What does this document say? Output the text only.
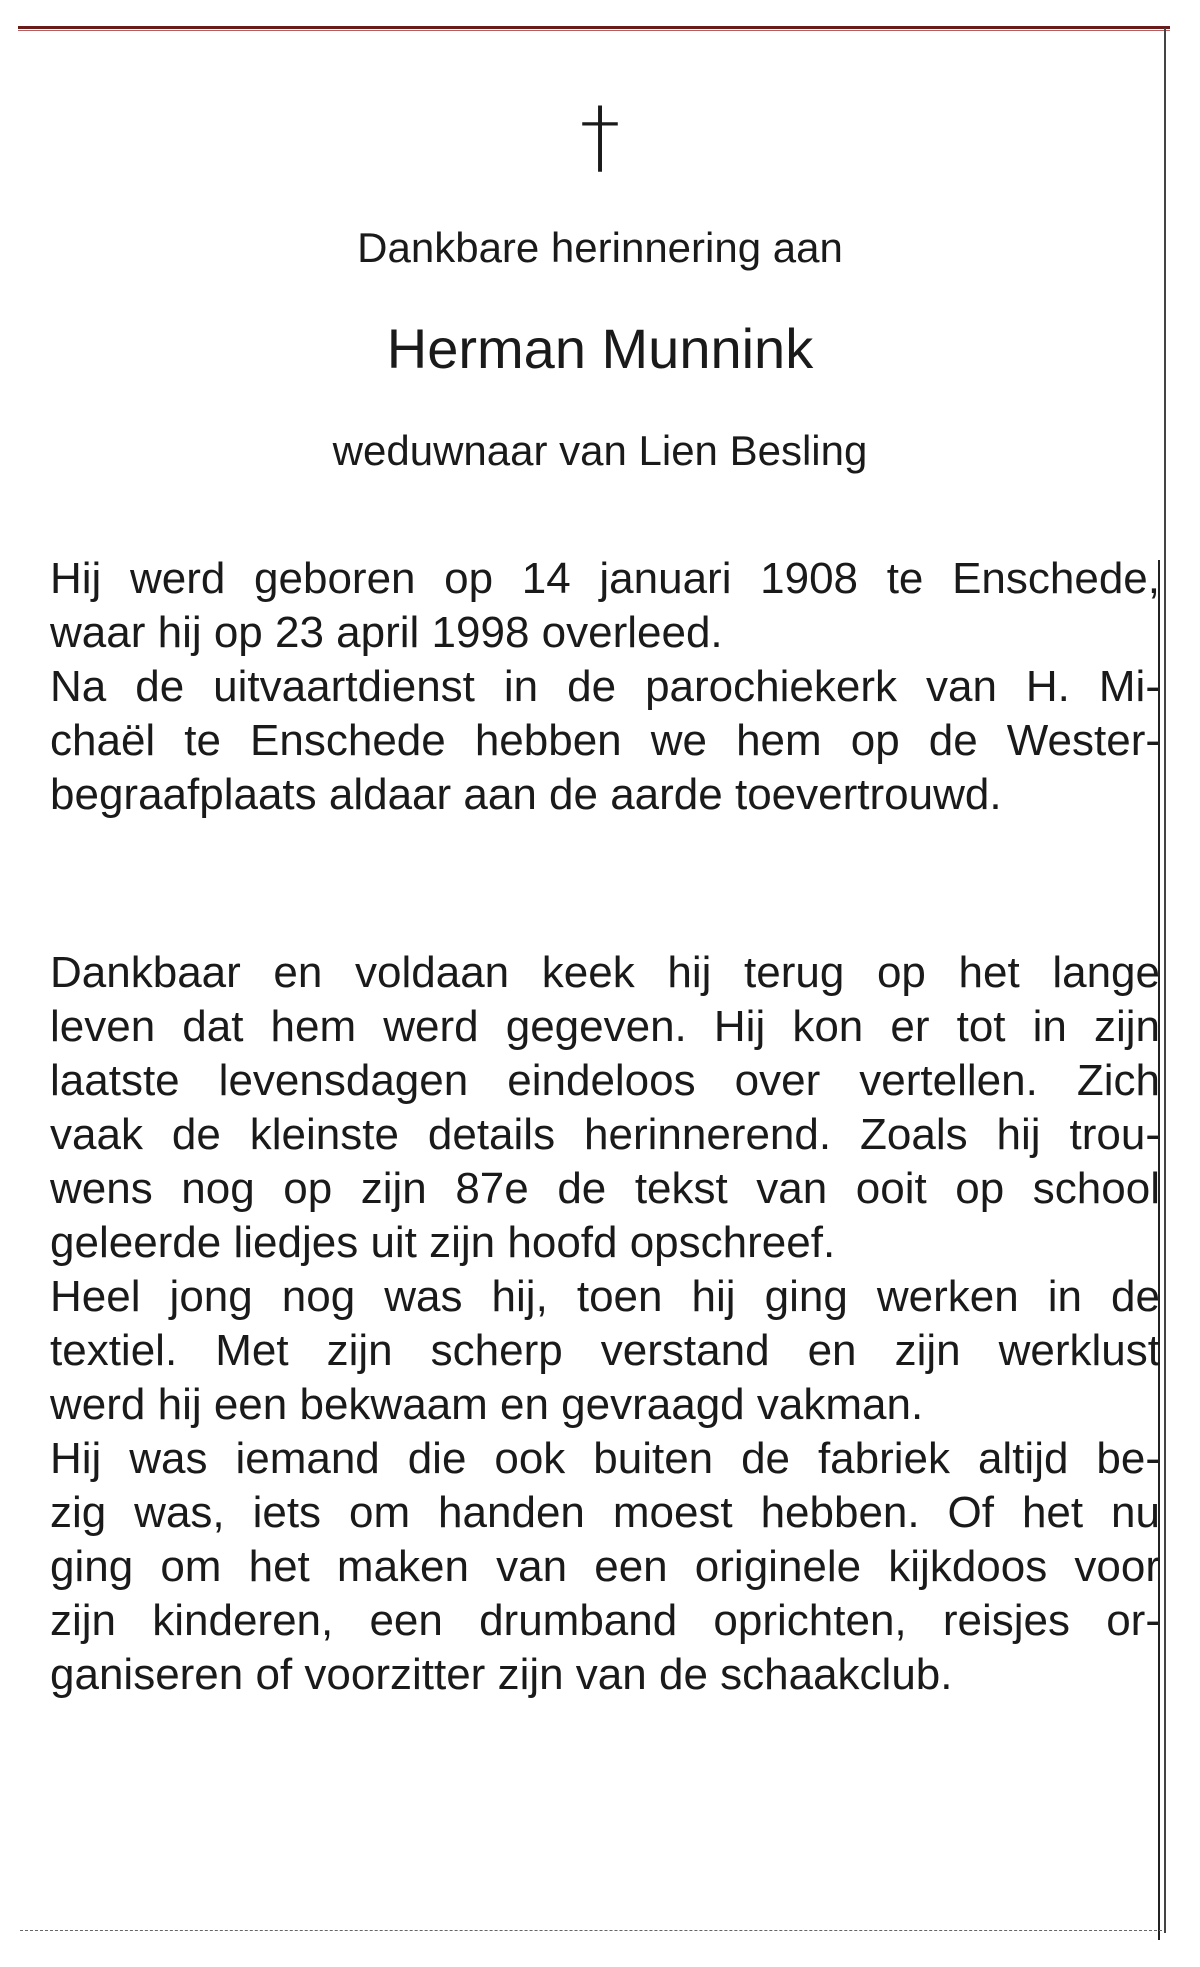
†
Dankbare herinnering aan
Herman Munnink
weduwnaar van Lien Besling
Hij werd geboren op 14 januari 1908 te Enschede,
waar hij op 23 april 1998 overleed.
Na de uitvaartdienst in de parochiekerk van H. Mi-
chaël te Enschede hebben we hem op de Wester-
begraafplaats aldaar aan de aarde toevertrouwd.
Dankbaar en voldaan keek hij terug op het lange
leven dat hem werd gegeven. Hij kon er tot in zijn
laatste levensdagen eindeloos over vertellen. Zich
vaak de kleinste details herinnerend. Zoals hij trou-
wens nog op zijn 87e de tekst van ooit op school
geleerde liedjes uit zijn hoofd opschreef.
Heel jong nog was hij, toen hij ging werken in de
textiel. Met zijn scherp verstand en zijn werklust
werd hij een bekwaam en gevraagd vakman.
Hij was iemand die ook buiten de fabriek altijd be-
zig was, iets om handen moest hebben. Of het nu
ging om het maken van een originele kijkdoos voor
zijn kinderen, een drumband oprichten, reisjes or-
ganiseren of voorzitter zijn van de schaakclub.
